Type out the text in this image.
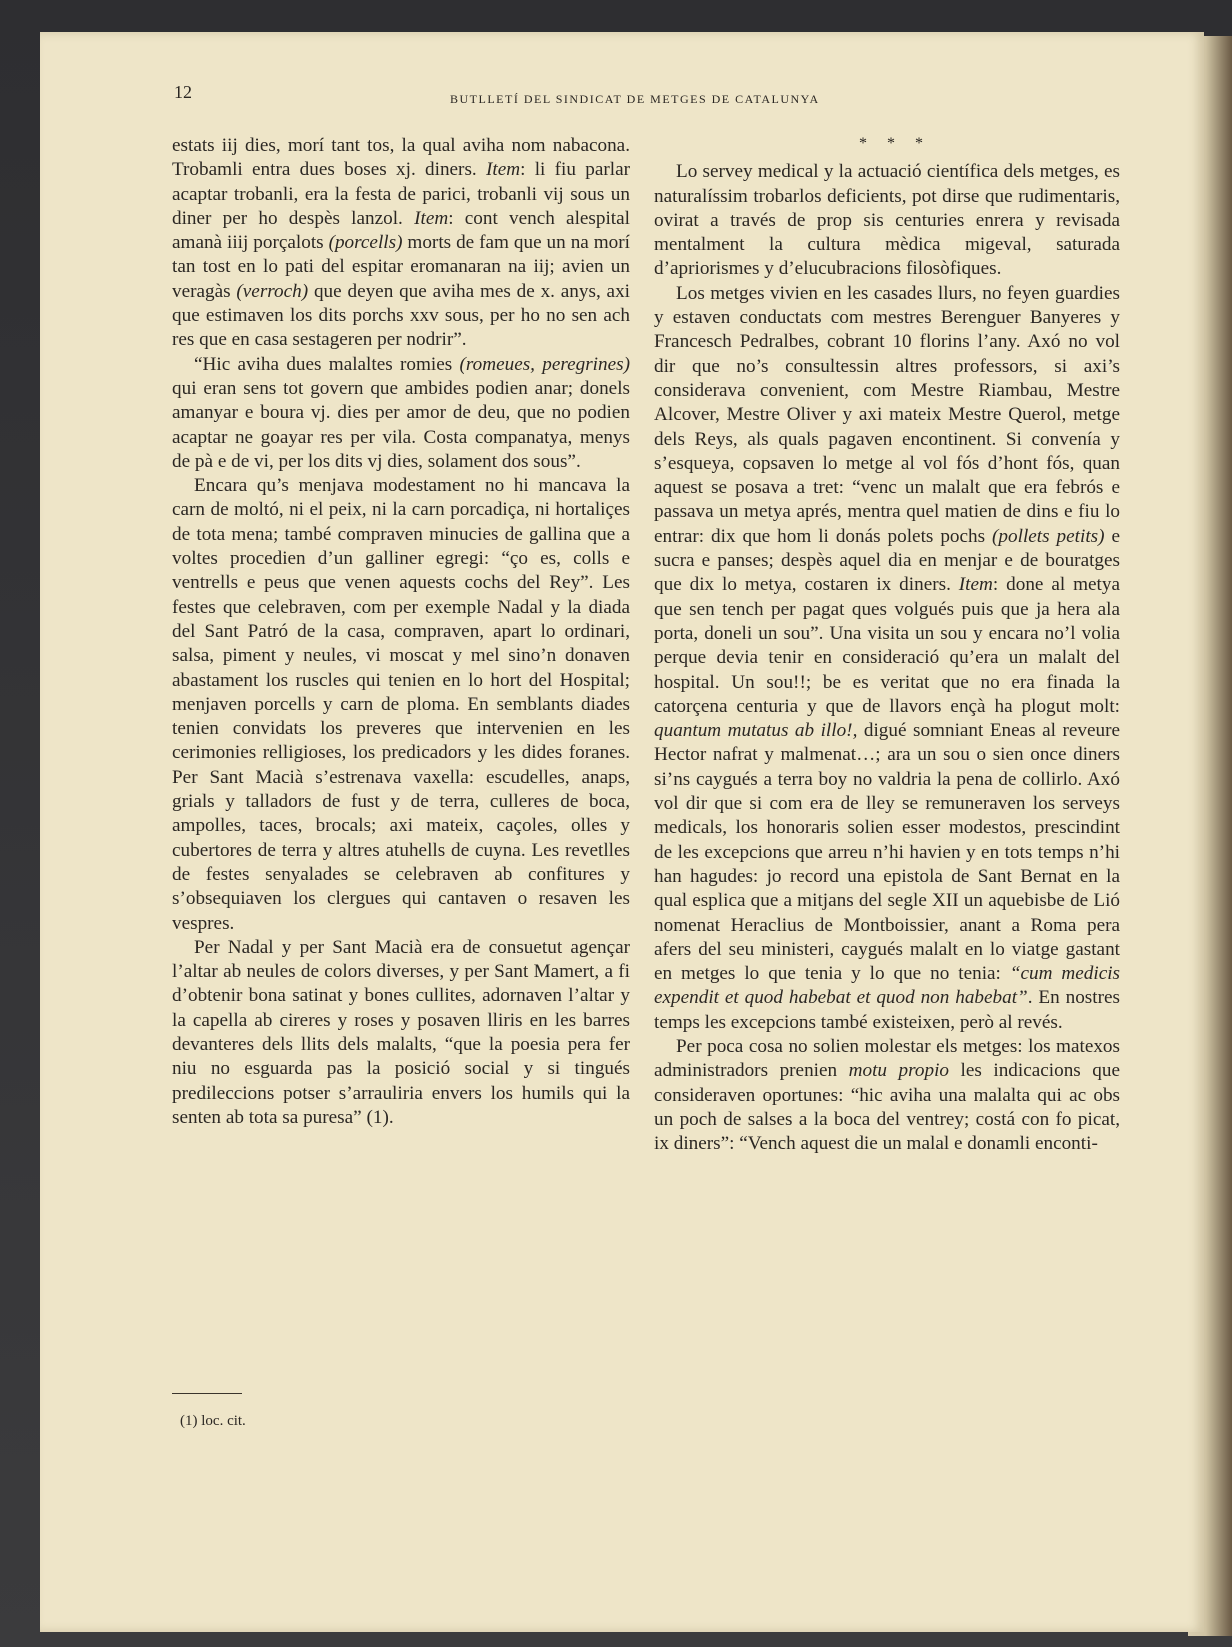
12	BUTLLETÍ DEL SINDICAT DE METGES DE CATALUNYA

estats iij dies, morí tant tos, la qual aviha nom nabacona. Trobamli entra dues boses xj. diners. Item: li fiu parlar acaptar trobanli, era la festa de parici, trobanli vij sous un diner per ho despès lanzol. Item: cont vench alespital amanà iiij porçalots (porcells) morts de fam que un na morí tan tost en lo pati del espitar eromanaran na iij; avien un veragàs (verroch) que deyen que aviha mes de x. anys, axi que estimaven los dits porchs xxv sous, per ho no sen ach res que en casa sestageren per nodrir”.

“Hic aviha dues malaltes romies (romeues, peregrines) qui eran sens tot govern que ambides podien anar; donels amanyar e boura vj. dies per amor de deu, que no podien acaptar ne goayar res per vila. Costa companatya, menys de pà e de vi, per los dits vj dies, solament dos sous”.

Encara qu’s menjava modestament no hi mancava la carn de moltó, ni el peix, ni la carn porcadiça, ni hortaliçes de tota mena; també compraven minucies de gallina que a voltes procedien d’un galliner egregi: “ço es, colls e ventrells e peus que venen aquests cochs del Rey”. Les festes que celebraven, com per exemple Nadal y la diada del Sant Patró de la casa, compraven, apart lo ordinari, salsa, piment y neules, vi moscat y mel sino’n donaven abastament los ruscles qui tenien en lo hort del Hospital; menjaven porcells y carn de ploma. En semblants diades tenien convidats los preveres que intervenien en les cerimonies relligioses, los predicadors y les dides foranes. Per Sant Macià s’estrenava vaxella: escudelles, anaps, grials y talladors de fust y de terra, culleres de boca, ampolles, taces, brocals; axi mateix, caçoles, olles y cubertores de terra y altres atuhells de cuyna. Les revetlles de festes senyalades se celebraven ab confitures y s’obsequiaven los clergues qui cantaven o resaven les vespres.

Per Nadal y per Sant Macià era de consuetut agençar l’altar ab neules de colors diverses, y per Sant Mamert, a fi d’obtenir bona satinat y bones cullites, adornaven l’altar y la capella ab cireres y roses y posaven lliris en les barres devanteres dels llits dels malalts, “que la poesia pera fer niu no esguarda pas la posició social y si tingués predileccions potser s’arrauliria envers los humils qui la senten ab tota sa puresa” (1).

* * *

Lo servey medical y la actuació científica dels metges, es naturalíssim trobarlos deficients, pot dirse que rudimentaris, ovirat a través de prop sis centuries enrera y revisada mentalment la cultura mèdica migeval, saturada d’apriorismes y d’elucubracions filosòfiques.

Los metges vivien en les casades llurs, no feyen guardies y estaven conductats com mestres Berenguer Banyeres y Francesch Pedralbes, cobrant 10 florins l’any. Axó no vol dir que no’s consultessin altres professors, si axi’s considerava convenient, com Mestre Riambau, Mestre Alcover, Mestre Oliver y axi mateix Mestre Querol, metge dels Reys, als quals pagaven encontinent. Si convenía y s’esqueya, copsaven lo metge al vol fós d’hont fós, quan aquest se posava a tret: “venc un malalt que era febrós e passava un metya aprés, mentra quel matien de dins e fiu lo entrar: dix que hom li donás polets pochs (pollets petits) e sucra e panses; despès aquel dia en menjar e de bouratges que dix lo metya, costaren ix diners. Item: done al metya que sen tench per pagat ques volgués puis que ja hera ala porta, doneli un sou”. Una visita un sou y encara no’l volia perque devia tenir en consideració qu’era un malalt del hospital. Un sou!!; be es veritat que no era finada la catorçena centuria y que de llavors ençà ha plogut molt: quantum mutatus ab illo!, digué somniant Eneas al reveure Hector nafrat y malmenat…; ara un sou o sien once diners si’ns caygués a terra boy no valdria la pena de collirlo. Axó vol dir que si com era de lley se remuneraven los serveys medicals, los honoraris solien esser modestos, prescindint de les excepcions que arreu n’hi havien y en tots temps n’hi han hagudes: jo record una epistola de Sant Bernat en la qual esplica que a mitjans del segle XII un aquebisbe de Lió nomenat Heraclius de Montboissier, anant a Roma pera afers del seu ministeri, caygués malalt en lo viatge gastant en metges lo que tenia y lo que no tenia: “cum medicis expendit et quod habebat et quod non habebat”. En nostres temps les excepcions també existeixen, però al revés.

Per poca cosa no solien molestar els metges: los matexos administradors prenien motu propio les indicacions que consideraven oportunes: “hic aviha una malalta qui ac obs un poch de salses a la boca del ventrey; costá con fo picat, ix diners”: “Vench aquest die un malal e donamli enconti-

(1) loc. cit.
